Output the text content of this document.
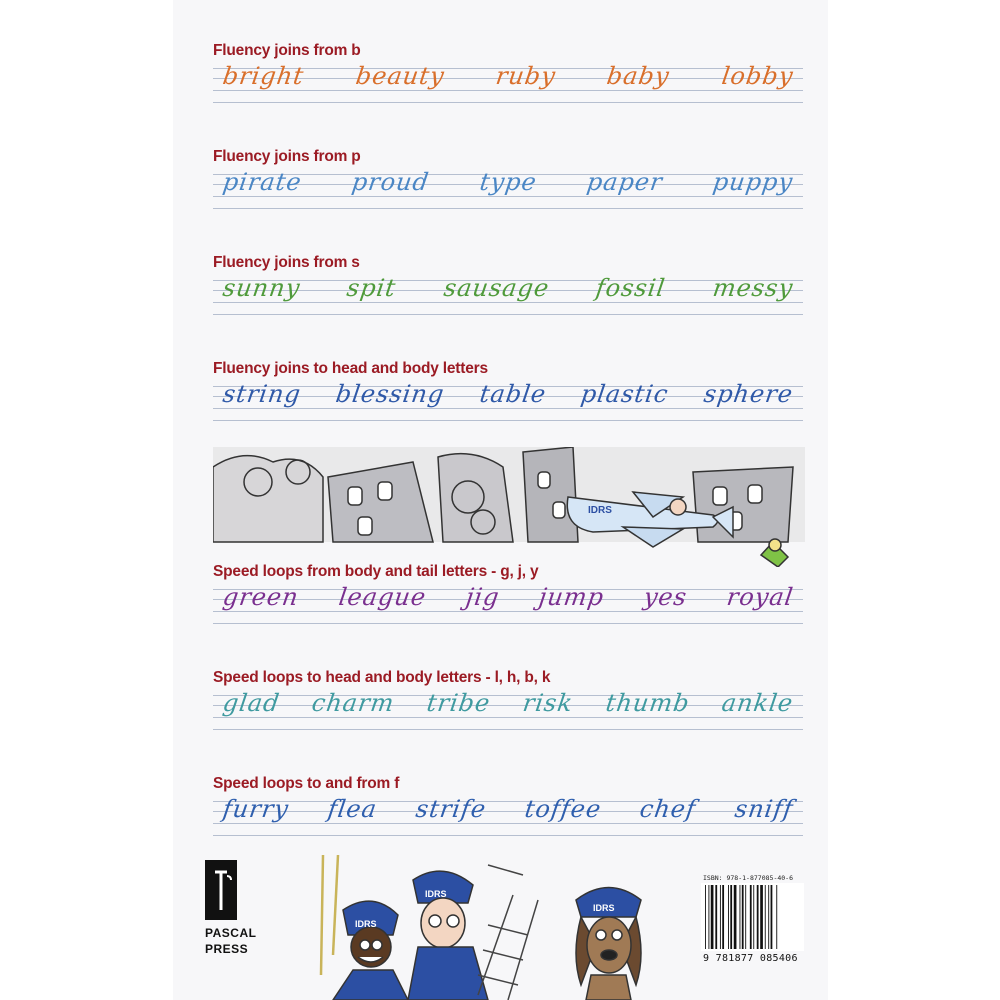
Fluency joins from b
bright beauty ruby baby lobby
Fluency joins from p
pirate proud type paper puppy
Fluency joins from s
sunny spit sausage fossil messy
Fluency joins to head and body letters
string blessing table plastic sphere
Speed loops from body and tail letters - g, j, y
green league jig jump yes royal
Speed loops to head and body letters - l, h, b, k
glad charm tribe risk thumb ankle
Speed loops to and from f
furry flea strife toffee chef sniff
IDRS
PASCAL
PRESS
IDRS
IDRS
IDRS
ISBN: 978-1-877085-40-6
9 781877 085406
